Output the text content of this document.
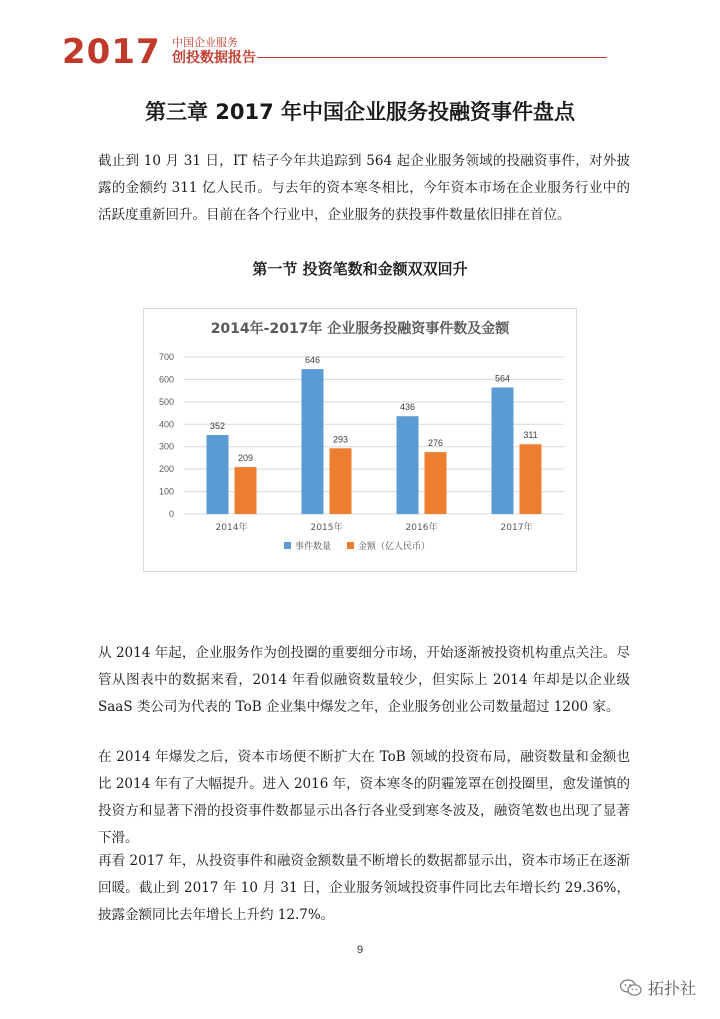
2017 中国企业服务
创投数据报告
第三章 2017 年中国企业服务投融资事件盘点

截止到 10 月 31 日，IT 桔子今年共追踪到 564 起企业服务领域的投融资事件，对外披露的金额约 311 亿人民币。与去年的资本寒冬相比，今年资本市场在企业服务行业中的活跃度重新回升。目前在各个行业中，企业服务的获投事件数量依旧排在首位。

第一节 投资笔数和金额双双回升
2014年-2017年 企业服务投融资事件数及金额
0
100
200
300
400
500
600
700
352
209
646
293
436
276
564
311
2014年	2015年	2016年	2017年
事件数量	金额（亿人民币）

从 2014 年起，企业服务作为创投圈的重要细分市场，开始逐渐被投资机构重点关注。尽管从图表中的数据来看，2014 年看似融资数量较少，但实际上 2014 年却是以企业级 SaaS 类公司为代表的 ToB 企业集中爆发之年，企业服务创业公司数量超过 1200 家。

在 2014 年爆发之后，资本市场便不断扩大在 ToB 领域的投资布局，融资数量和金额也比 2014 年有了大幅提升。进入 2016 年，资本寒冬的阴霾笼罩在创投圈里，愈发谨慎的投资方和显著下滑的投资事件数都显示出各行各业受到寒冬波及，融资笔数也出现了显著下滑。

再看 2017 年，从投资事件和融资金额数量不断增长的数据都显示出，资本市场正在逐渐回暖。截止到 2017 年 10 月 31 日，企业服务领域投资事件同比去年增长约 29.36%，披露金额同比去年增长上升约 12.7%。

9
拓扑社
